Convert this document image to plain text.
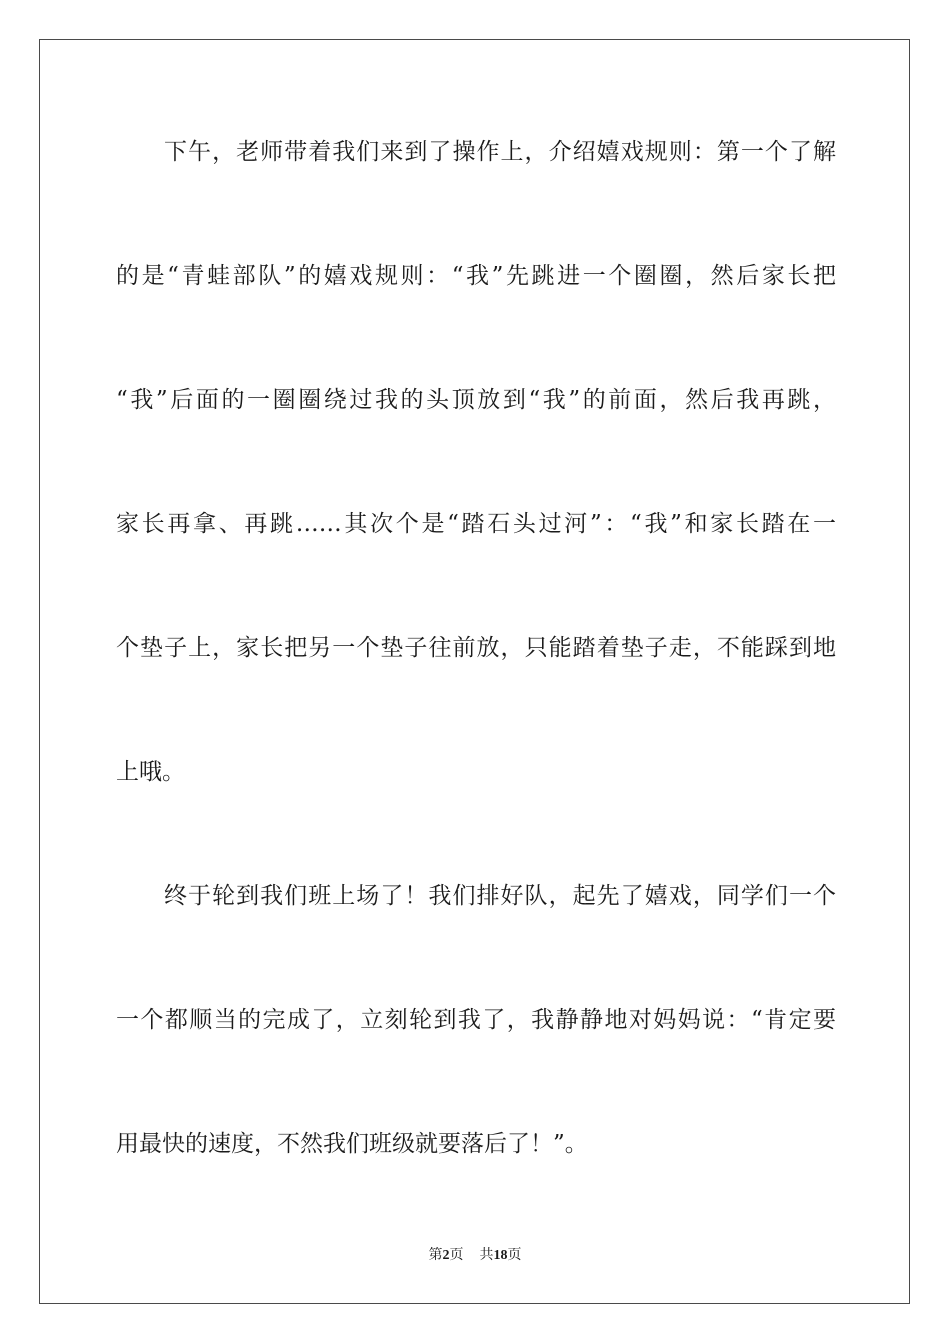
下午，老师带着我们来到了操作上，介绍嬉戏规则：第一个了解
的是“青蛙部队”的嬉戏规则：“我”先跳进一个圈圈，然后家长把
“我”后面的一圈圈绕过我的头顶放到“我”的前面，然后我再跳，
家长再拿、再跳……其次个是“踏石头过河”：“我”和家长踏在一
个垫子上，家长把另一个垫子往前放，只能踏着垫子走，不能踩到地
上哦。
终于轮到我们班上场了！我们排好队，起先了嬉戏，同学们一个
一个都顺当的完成了，立刻轮到我了，我静静地对妈妈说：“肯定要
用最快的速度，不然我们班级就要落后了！”。
第2页 共18页
